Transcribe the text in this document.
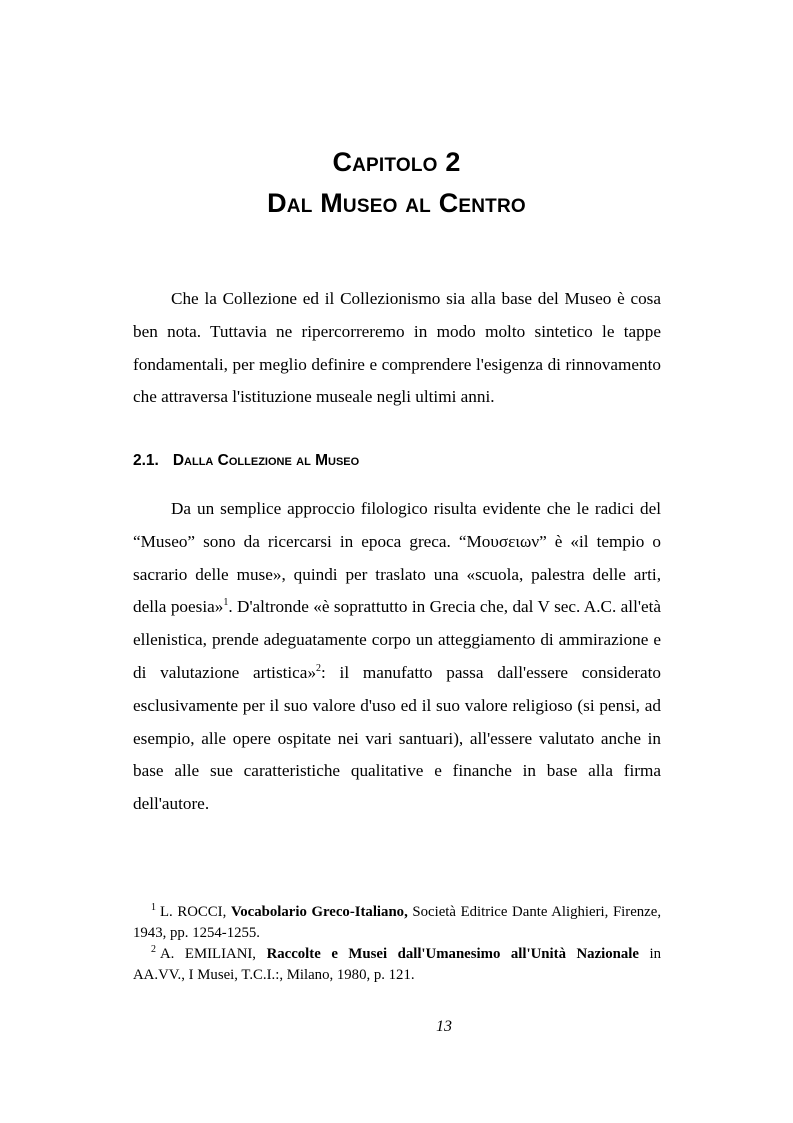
Capitolo 2
Dal Museo al Centro

Che la Collezione ed il Collezionismo sia alla base del Museo è cosa ben nota. Tuttavia ne ripercorreremo in modo molto sintetico le tappe fondamentali, per meglio definire e comprendere l'esigenza di rinnovamento che attraversa l'istituzione museale negli ultimi anni.

2.1. Dalla Collezione al Museo

Da un semplice approccio filologico risulta evidente che le radici del “Museo” sono da ricercarsi in epoca greca. “Μουσειων” è «il tempio o sacrario delle muse», quindi per traslato una «scuola, palestra delle arti, della poesia»$^1$. D'altronde «è soprattutto in Grecia che, dal V sec. A.C. all'età ellenistica, prende adeguatamente corpo un atteggiamento di ammirazione e di valutazione artistica»$^2$: il manufatto passa dall'essere considerato esclusivamente per il suo valore d'uso ed il suo valore religioso (si pensi, ad esempio, alle opere ospitate nei vari santuari), all'essere valutato anche in base alle sue caratteristiche qualitative e finanche in base alla firma dell'autore.

$^1$ L. ROCCI, Vocabolario Greco-Italiano, Società Editrice Dante Alighieri, Firenze, 1943, pp. 1254-1255.

$^2$ A. EMILIANI, Raccolte e Musei dall'Umanesimo all'Unità Nazionale in AA.VV., I Musei, T.C.I.:, Milano, 1980, p. 121.

13
